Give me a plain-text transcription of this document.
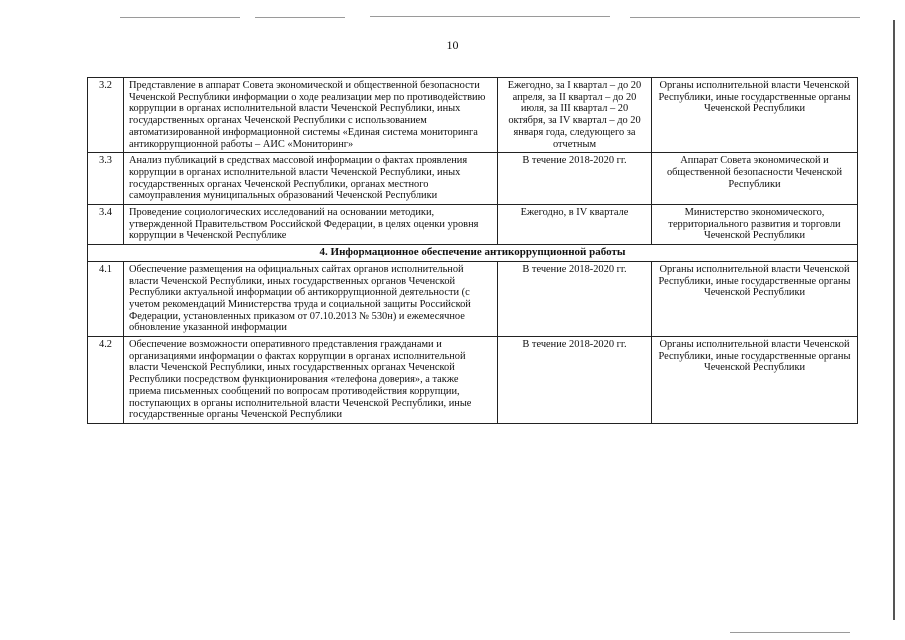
10
3.2	Представление в аппарат Совета экономической и общественной безопасности Чеченской Республики информации о ходе реализации мер по противодействию коррупции в органах исполнительной власти Чеченской Республики, иных государственных органах Чеченской Республики с использованием автоматизированной информационной системы «Единая система мониторинга антикоррупционной работы – АИС «Мониторинг»	Ежегодно, за I квартал – до 20 апреля, за II квартал – до 20 июля, за III квартал – 20 октября, за IV квартал – до 20 января года, следующего за отчетным	Органы исполнительной власти Чеченской Республики, иные государственные органы Чеченской Республики
3.3	Анализ публикаций в средствах массовой информации о фактах проявления коррупции в органах исполнительной власти Чеченской Республики, иных государственных органах Чеченской Республики, органах местного самоуправления муниципальных образований Чеченской Республики	В течение 2018-2020 гг.	Аппарат Совета экономической и общественной безопасности Чеченской Республики
3.4	Проведение социологических исследований на основании методики, утвержденной Правительством Российской Федерации, в целях оценки уровня коррупции в Чеченской Республике	Ежегодно, в IV квартале	Министерство экономического, территориального развития и торговли Чеченской Республики
4. Информационное обеспечение антикоррупционной работы			
4.1	Обеспечение размещения на официальных сайтах органов исполнительной власти Чеченской Республики, иных государственных органов Чеченской Республики актуальной информации об антикоррупционной деятельности (с учетом рекомендаций Министерства труда и социальной защиты Российской Федерации, установленных приказом от 07.10.2013 № 530н) и ежемесячное обновление указанной информации	В течение 2018-2020 гг.	Органы исполнительной власти Чеченской Республики, иные государственные органы Чеченской Республики
4.2	Обеспечение возможности оперативного представления гражданами и организациями информации о фактах коррупции в органах исполнительной власти Чеченской Республики, иных государственных органах Чеченской Республики посредством функционирования «телефона доверия», а также приема письменных сообщений по вопросам противодействия коррупции, поступающих в органы исполнительной власти Чеченской Республики, иные государственные органы Чеченской Республики	В течение 2018-2020 гг.	Органы исполнительной власти Чеченской Республики, иные государственные органы Чеченской Республики
